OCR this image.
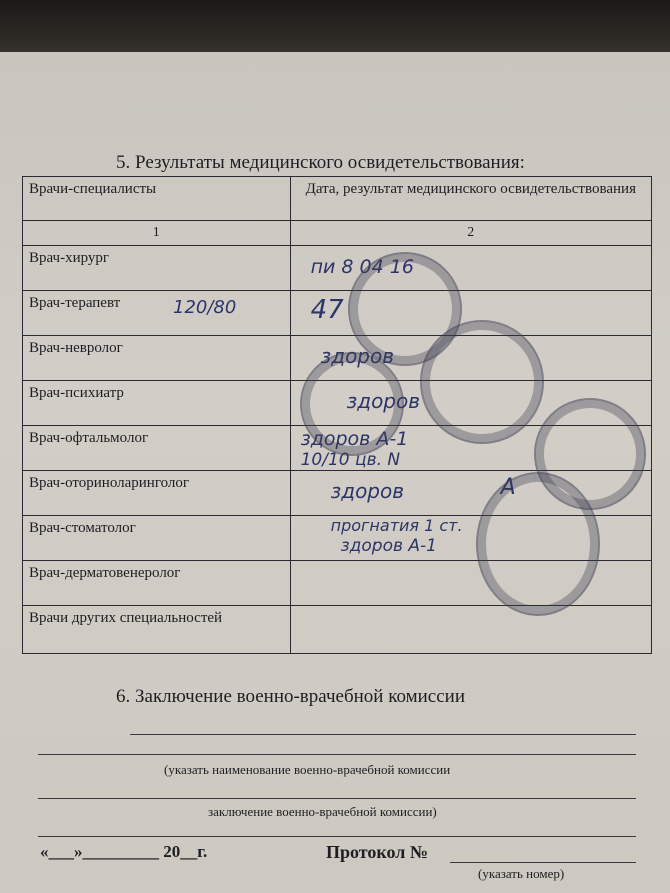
5. Результаты медицинского освидетельствования:
Врачи-специалисты	Дата, результат медицинского освидетельствования
1	2
Врач-хирург	пи 8 04 16

Врач-терапевт 120/80	47

Врач-невролог	здоров

Врач-психиатр	здоров

Врач-офтальмолог	здоров А-1
10/10 цв. N

Врач-оториноларинголог	здоров А

Врач-стоматолог	прогнатия 1 ст.
здоров А-1

Врач-дерматовенеролог	
Врачи других специальностей	
6. Заключение военно-врачебной комиссии
(указать наименование военно-врачебной комиссии
заключение военно-врачебной комиссии)
«___»_________ 20__г.	Протокол №
(указать номер)
